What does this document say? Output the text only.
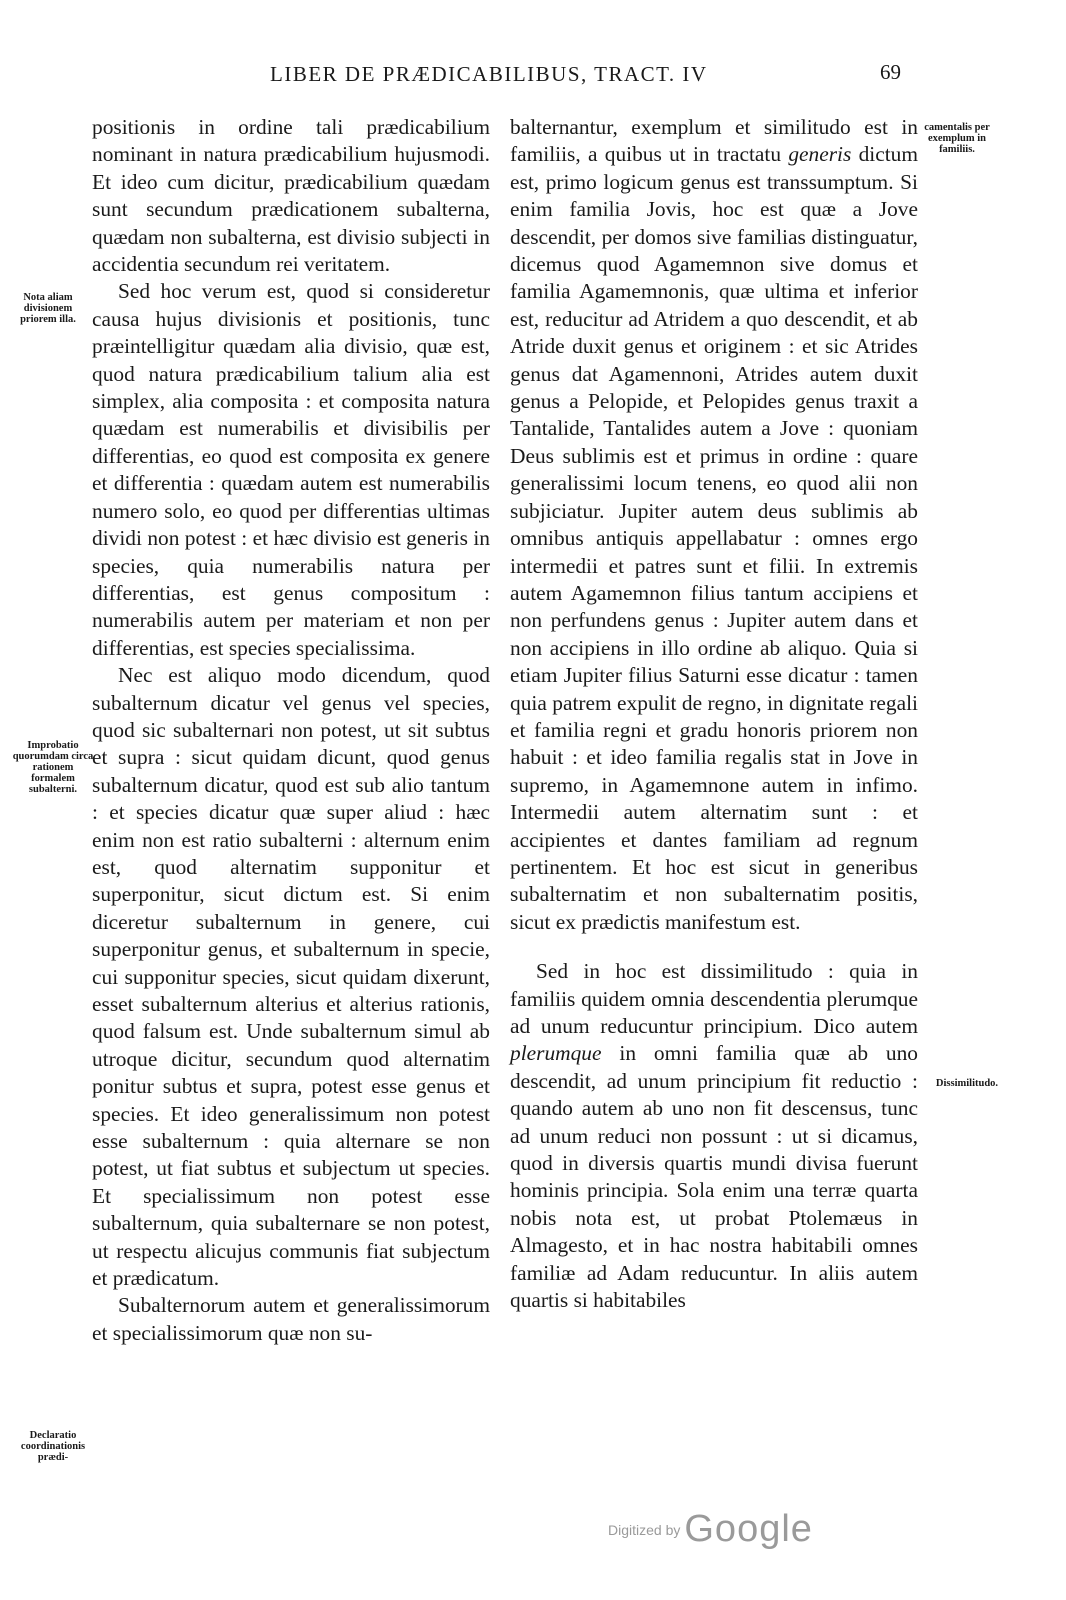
LIBER DE PRÆDICABILIBUS, TRACT. IV	69
Nota aliam divisionem priorem illa.
Improbatio quorumdam circa rationem formalem subalterni.
Declaratio coordinationis prædi-
camentalis per exemplum in familiis.
Dissimilitudo.

positionis in ordine tali prædicabilium nominant in natura prædicabilium hujusmodi. Et ideo cum dicitur, prædicabilium quædam sunt secundum prædicationem subalterna, quædam non subalterna, est divisio subjecti in accidentia secundum rei veritatem.

Sed hoc verum est, quod si consideretur causa hujus divisionis et positionis, tunc præintelligitur quædam alia divisio, quæ est, quod natura prædicabilium talium alia est simplex, alia composita : et composita natura quædam est numerabilis et divisibilis per differentias, eo quod est composita ex genere et differentia : quædam autem est numerabilis numero solo, eo quod per differentias ultimas dividi non potest : et hæc divisio est generis in species, quia numerabilis natura per differentias, est genus compositum : numerabilis autem per materiam et non per differentias, est species specialissima.

Nec est aliquo modo dicendum, quod subalternum dicatur vel genus vel species, quod sic subalternari non potest, ut sit subtus et supra : sicut quidam dicunt, quod genus subalternum dicatur, quod est sub alio tantum : et species dicatur quæ super aliud : hæc enim non est ratio subalterni : alternum enim est, quod alternatim supponitur et superponitur, sicut dictum est. Si enim diceretur subalternum in genere, cui superponitur genus, et subalternum in specie, cui supponitur species, sicut quidam dixerunt, esset subalternum alterius et alterius rationis, quod falsum est. Unde subalternum simul ab utroque dicitur, secundum quod alternatim ponitur subtus et supra, potest esse genus et species. Et ideo generalissimum non potest esse subalternum : quia alternare se non potest, ut fiat subtus et subjectum ut species. Et specialissimum non potest esse subalternum, quia subalternare se non potest, ut respectu alicujus communis fiat subjectum et prædicatum.

Subalternorum autem et generalissimorum et specialissimorum quæ non su-

balternantur, exemplum et similitudo est in familiis, a quibus ut in tractatu generis dictum est, primo logicum genus est transsumptum. Si enim familia Jovis, hoc est quæ a Jove descendit, per domos sive familias distinguatur, dicemus quod Agamemnon sive domus et familia Agamemnonis, quæ ultima et inferior est, reducitur ad Atridem a quo descendit, et ab Atride duxit genus et originem : et sic Atrides genus dat Agamennoni, Atrides autem duxit genus a Pelopide, et Pelopides genus traxit a Tantalide, Tantalides autem a Jove : quoniam Deus sublimis est et primus in ordine : quare generalissimi locum tenens, eo quod alii non subjiciatur. Jupiter autem deus sublimis ab omnibus antiquis appellabatur : omnes ergo intermedii et patres sunt et filii. In extremis autem Agamemnon filius tantum accipiens et non perfundens genus : Jupiter autem dans et non accipiens in illo ordine ab aliquo. Quia si etiam Jupiter filius Saturni esse dicatur : tamen quia patrem expulit de regno, in dignitate regali et familia regni et gradu honoris priorem non habuit : et ideo familia regalis stat in Jove in supremo, in Agamemnone autem in infimo. Intermedii autem alternatim sunt : et accipientes et dantes familiam ad regnum pertinentem. Et hoc est sicut in generibus subalternatim et non subalternatim positis, sicut ex prædictis manifestum est.

Sed in hoc est dissimilitudo : quia in familiis quidem omnia descendentia plerumque ad unum reducuntur principium. Dico autem plerumque in omni familia quæ ab uno descendit, ad unum principium fit reductio : quando autem ab uno non fit descensus, tunc ad unum reduci non possunt : ut si dicamus, quod in diversis quartis mundi divisa fuerunt hominis principia. Sola enim una terræ quarta nobis nota est, ut probat Ptolemæus in Almagesto, et in hac nostra habitabili omnes familiæ ad Adam reducuntur. In aliis autem quartis si habitabiles

Digitized by Google
